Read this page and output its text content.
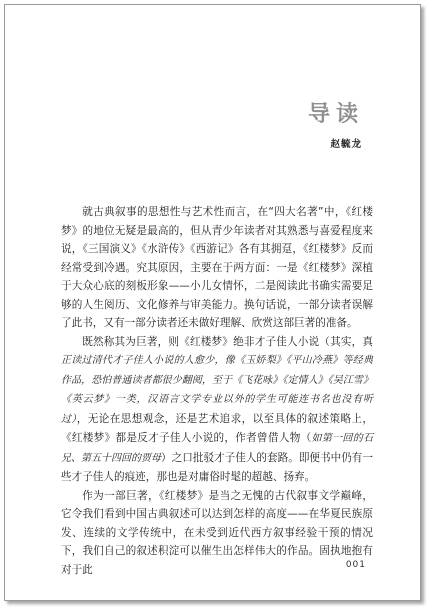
导读
赵毓龙

就古典叙事的思想性与艺术性而言，在“四大名著”中，《红楼梦》的地位无疑是最高的，但从青少年读者对其熟悉与喜爱程度来说，《三国演义》《水浒传》《西游记》各有其拥趸，《红楼梦》反而经常受到冷遇。究其原因，主要在于两方面：一是《红楼梦》深植于大众心底的刻板形象——小儿女情怀，二是阅读此书确实需要足够的人生阅历、文化修养与审美能力。换句话说，一部分读者误解了此书，又有一部分读者还未做好理解、欣赏这部巨著的准备。

既然称其为巨著，则《红楼梦》绝非才子佳人小说（其实，真正读过清代才子佳人小说的人愈少，像《玉娇梨》《平山冷燕》等经典作品，恐怕普通读者都很少翻阅，至于《飞花咏》《定情人》《吴江雪》《英云梦》一类，汉语言文学专业以外的学生可能连书名也没有听过），无论在思想观念，还是艺术追求，以至具体的叙述策略上，《红楼梦》都是反才子佳人小说的，作者曾借人物（如第一回的石兄、第五十四回的贾母）之口批驳才子佳人的套路。即便书中仍有一些才子佳人的痕迹，那也是对庸俗时髦的超越、扬弃。

作为一部巨著，《红楼梦》是当之无愧的古代叙事文学巅峰，它令我们看到中国古典叙述可以达到怎样的高度——在华夏民族原发、连续的文学传统中，在未受到近代西方叙事经验干预的情况下，我们自己的叙述积淀可以催生出怎样伟大的作品。固执地抱有对于此	001
